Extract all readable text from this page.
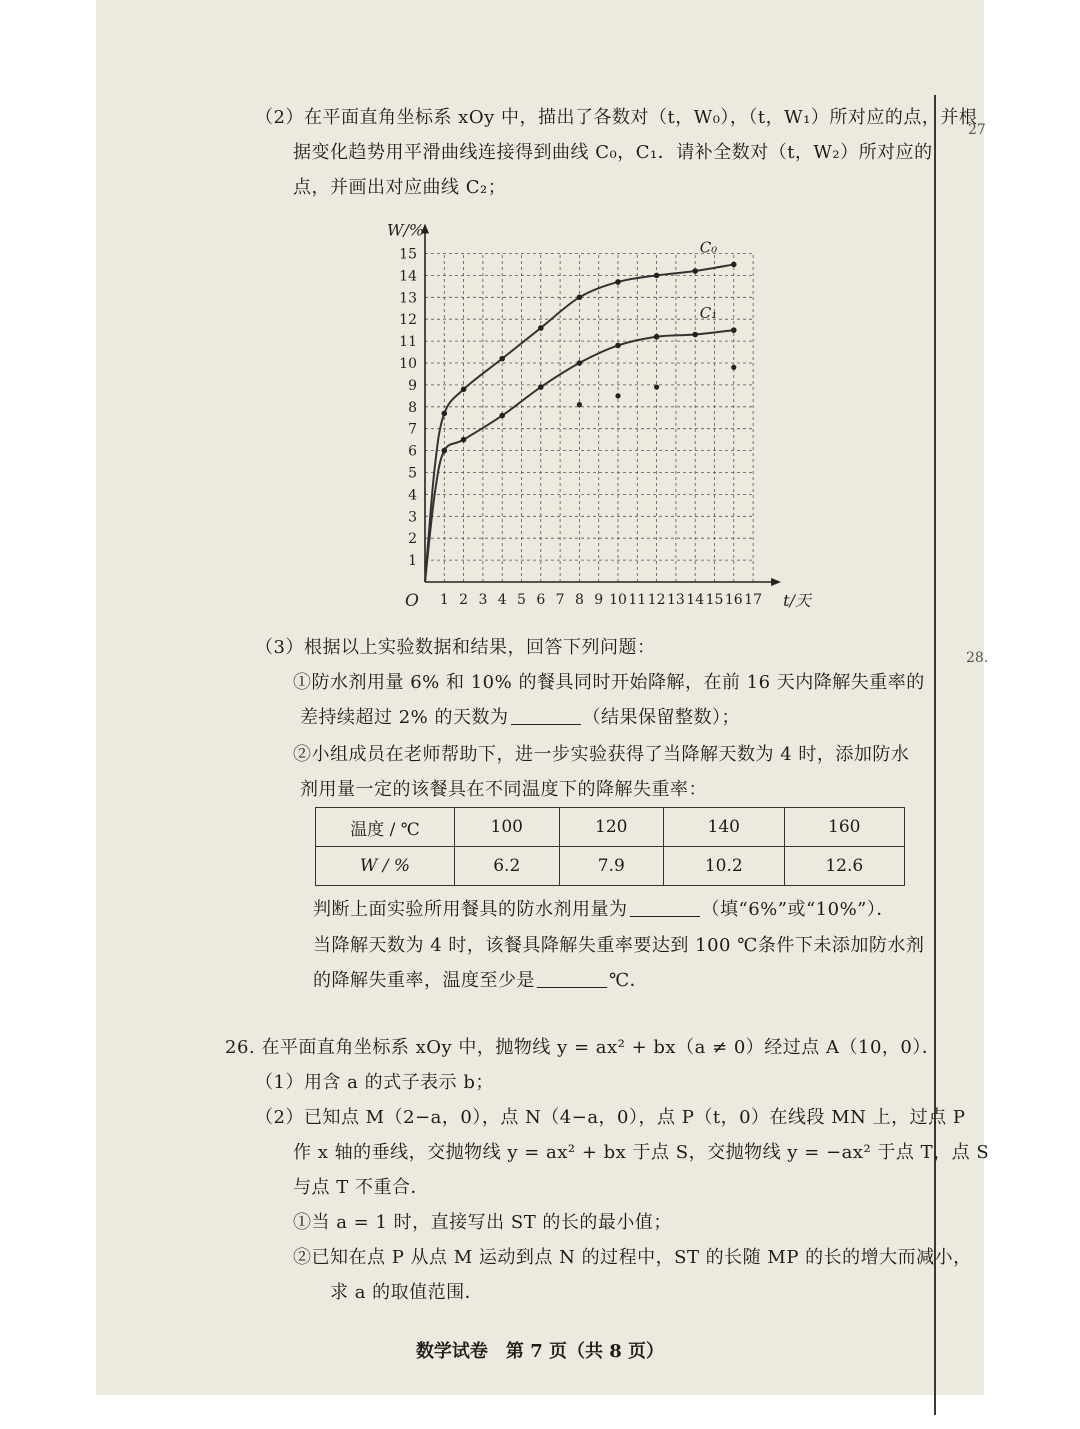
27
28.
（2）在平面直角坐标系 xOy 中，描出了各数对（t，W₀），（t，W₁）所对应的点，并根
据变化趋势用平滑曲线连接得到曲线 C₀，C₁．请补全数对（t，W₂）所对应的
点，并画出对应曲线 C₂；
1 2 3 4 5 6 7 8 9 10 11 12 13 14 15 16 17
1
2
3
4
5
6
7
8
9
10
11
12
13
14
15	C₀
C₁
W/%
t/天
O
（3）根据以上实验数据和结果，回答下列问题：
①防水剂用量 6% 和 10% 的餐具同时开始降解，在前 16 天内降解失重率的
差持续超过 2% 的天数为	（结果保留整数）；
②小组成员在老师帮助下，进一步实验获得了当降解天数为 4 时，添加防水
剂用量一定的该餐具在不同温度下的降解失重率：
温度 / ℃	100	120	140	160
W / %	6.2	7.9	10.2	12.6
判断上面实验所用餐具的防水剂用量为	（填“6%”或“10%”）．
当降解天数为 4 时，该餐具降解失重率要达到 100 ℃条件下未添加防水剂
的降解失重率，温度至少是	℃．
26. 在平面直角坐标系 xOy 中，抛物线 y = ax² + bx（a ≠ 0）经过点 A（10，0）．
（1）用含 a 的式子表示 b；
（2）已知点 M（2−a，0），点 N（4−a，0），点 P（t，0）在线段 MN 上，过点 P
作 x 轴的垂线，交抛物线 y = ax² + bx 于点 S，交抛物线 y = −ax² 于点 T，点 S
与点 T 不重合．
①当 a = 1 时，直接写出 ST 的长的最小值；
②已知在点 P 从点 M 运动到点 N 的过程中，ST 的长随 MP 的长的增大而减小，
求 a 的取值范围．
数学试卷　第 7 页（共 8 页）
